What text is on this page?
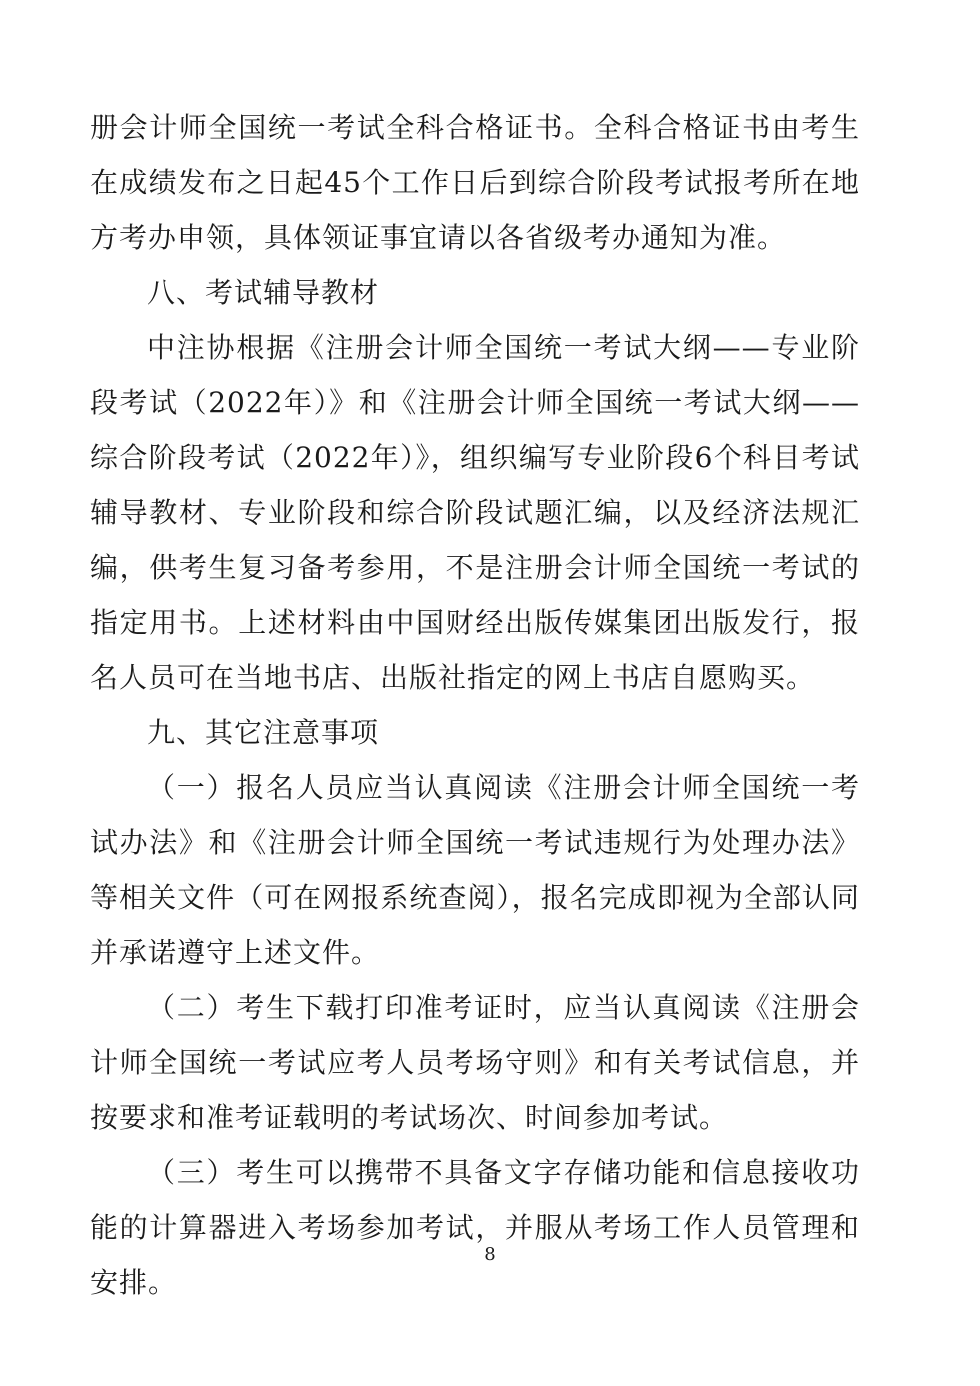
册会计师全国统一考试全科合格证书。全科合格证书由考生在成绩发布之日起45个工作日后到综合阶段考试报考所在地方考办申领，具体领证事宜请以各省级考办通知为准。

八、考试辅导教材

中注协根据《注册会计师全国统一考试大纲——专业阶段考试（2022年）》和《注册会计师全国统一考试大纲——综合阶段考试（2022年）》，组织编写专业阶段6个科目考试辅导教材、专业阶段和综合阶段试题汇编，以及经济法规汇编，供考生复习备考参用，不是注册会计师全国统一考试的指定用书。上述材料由中国财经出版传媒集团出版发行，报名人员可在当地书店、出版社指定的网上书店自愿购买。

九、其它注意事项

（一）报名人员应当认真阅读《注册会计师全国统一考试办法》和《注册会计师全国统一考试违规行为处理办法》等相关文件（可在网报系统查阅），报名完成即视为全部认同并承诺遵守上述文件。

（二）考生下载打印准考证时，应当认真阅读《注册会计师全国统一考试应考人员考场守则》和有关考试信息，并按要求和准考证载明的考试场次、时间参加考试。

（三）考生可以携带不具备文字存储功能和信息接收功能的计算器进入考场参加考试，并服从考场工作人员管理和安排。

8
